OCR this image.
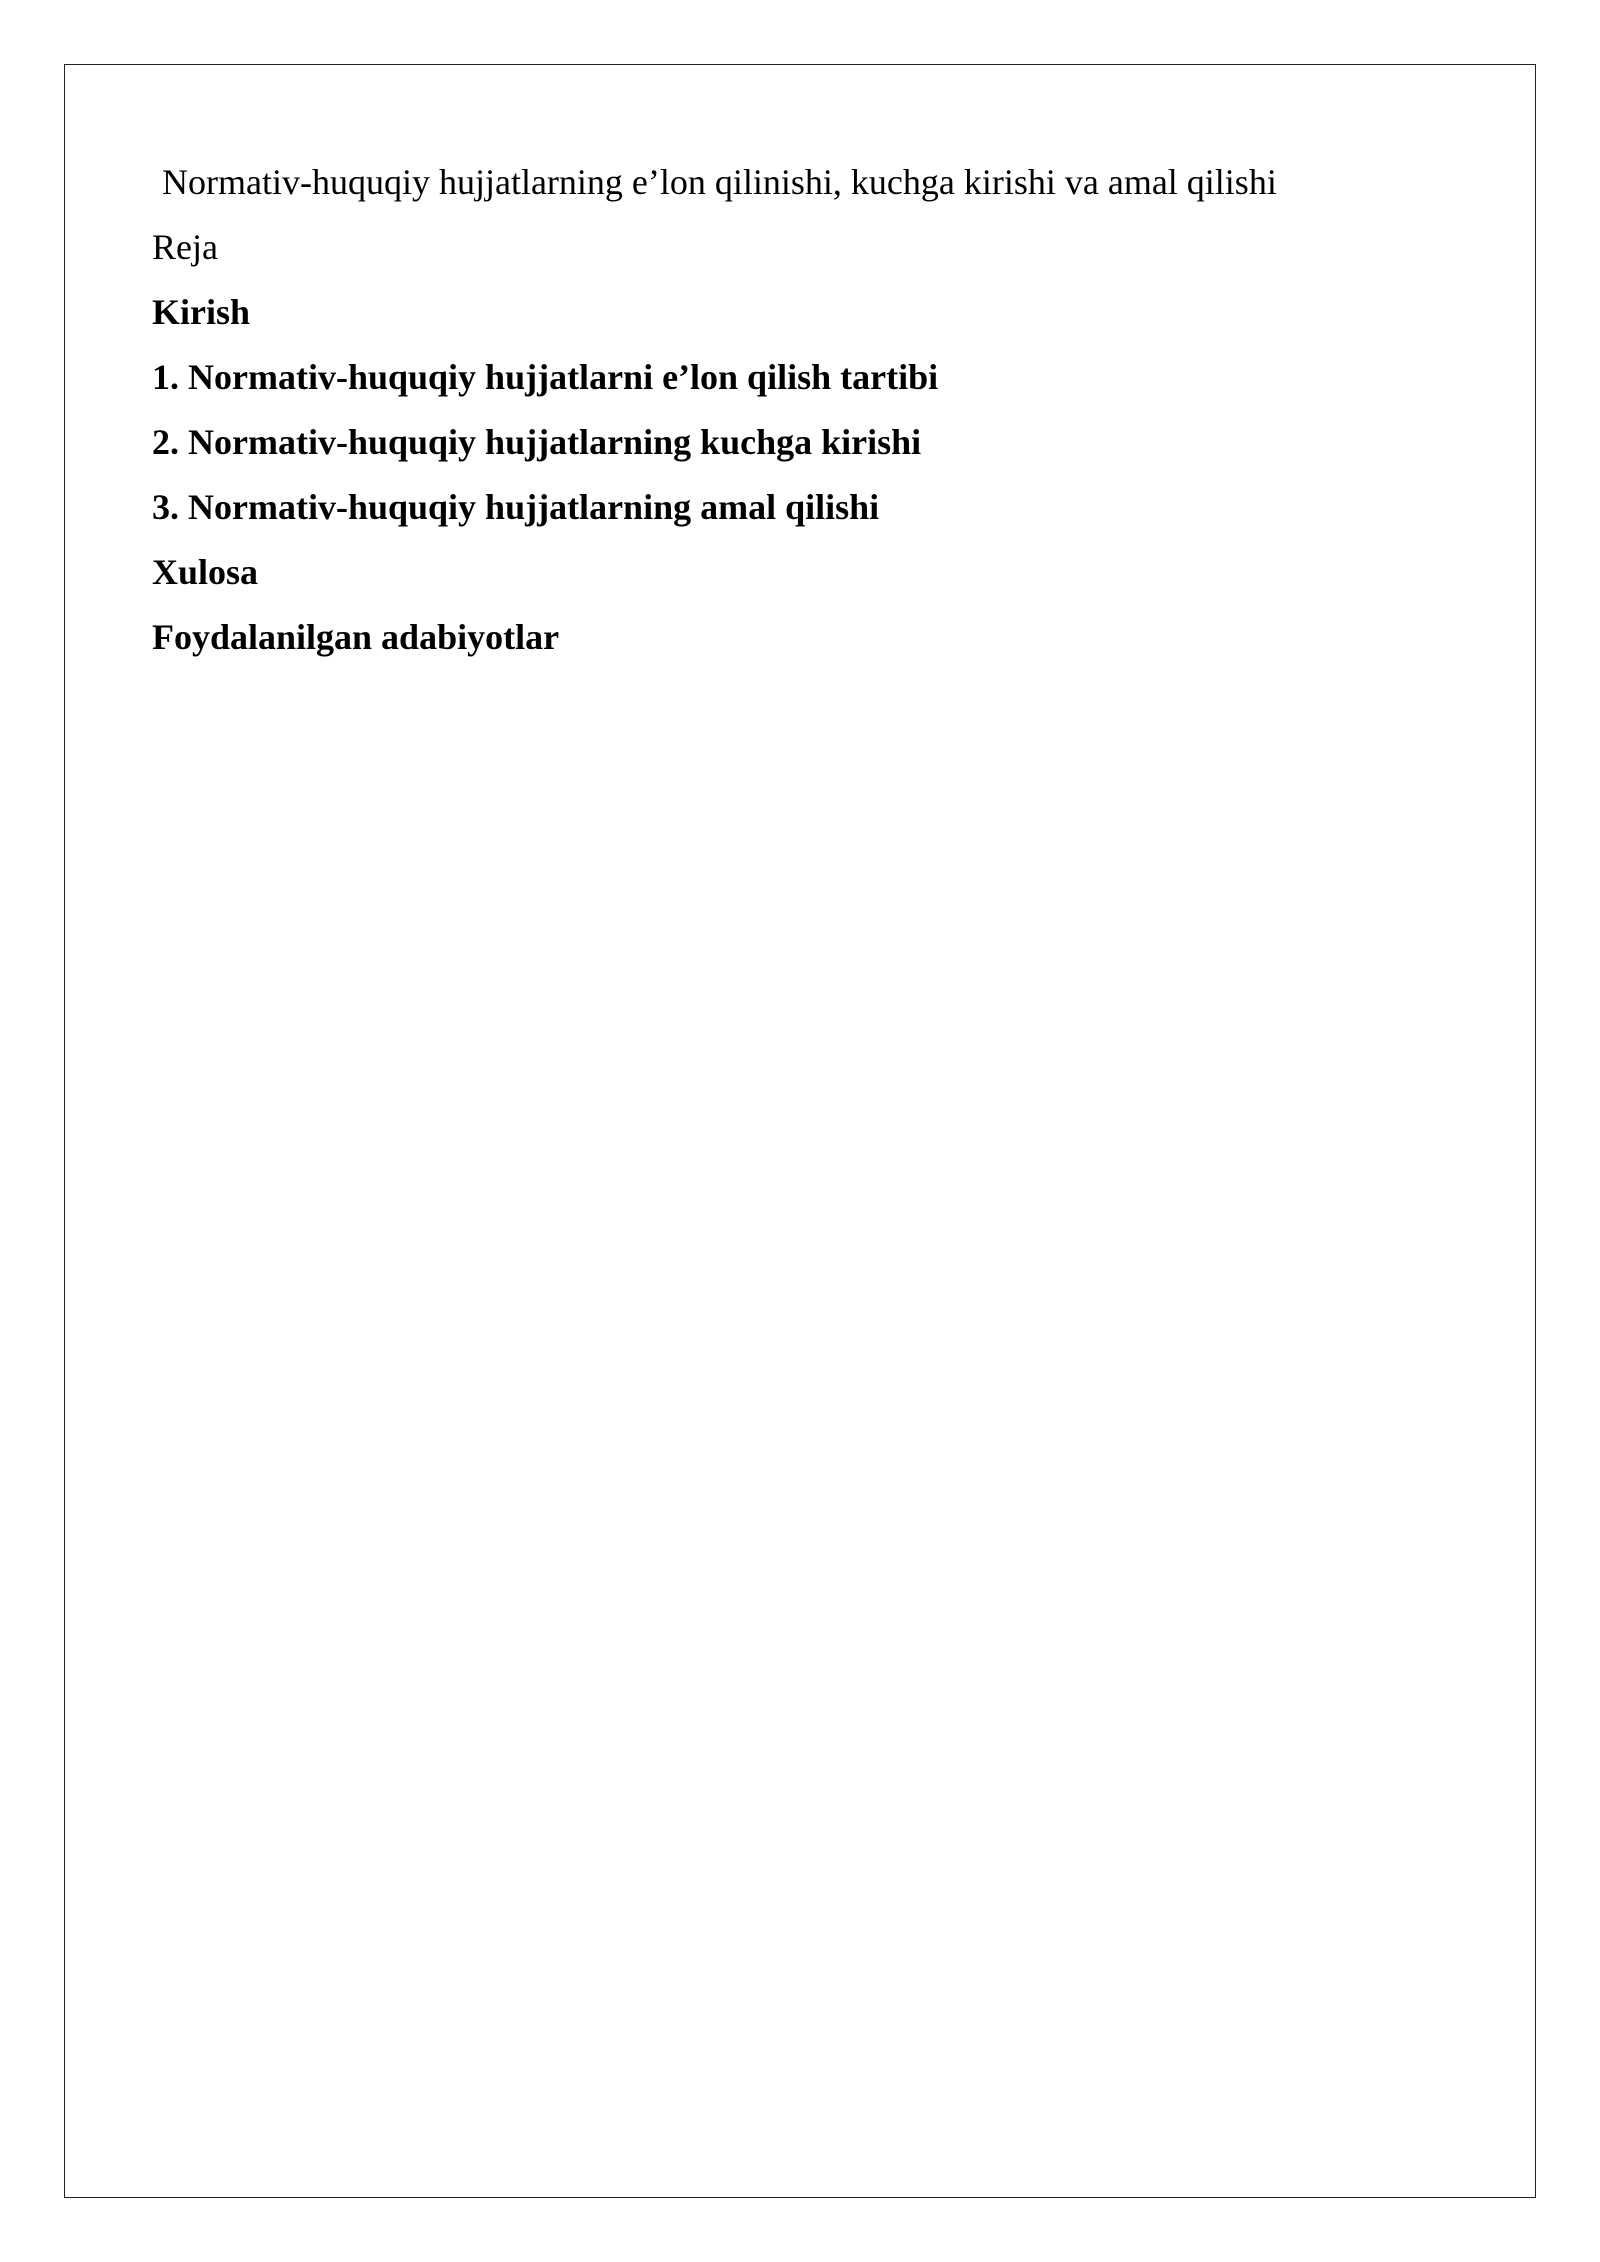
Normativ-huquqiy hujjatlarning e’lon qilinishi, kuchga kirishi va amal qilishi
Reja
Kirish
1. Normativ-huquqiy hujjatlarni e’lon qilish tartibi
2. Normativ-huquqiy hujjatlarning kuchga kirishi
3. Normativ-huquqiy hujjatlarning amal qilishi
Xulosa
Foydalanilgan adabiyotlar
